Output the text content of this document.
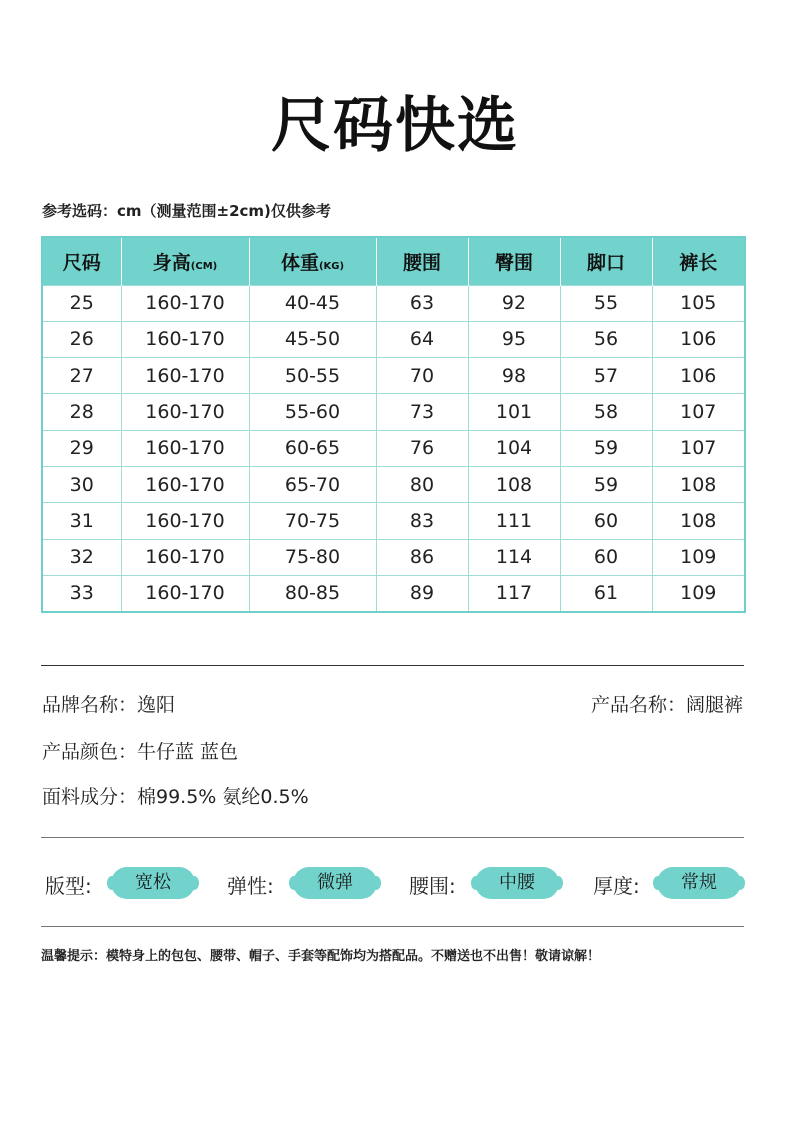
尺码快选
参考选码：cm（测量范围±2cm)仅供参考
尺码	身高(CM)	体重(KG)	腰围	臀围	脚口	裤长
25	160-170	40-45	63	92	55	105
26	160-170	45-50	64	95	56	106
27	160-170	50-55	70	98	57	106
28	160-170	55-60	73	101	58	107
29	160-170	60-65	76	104	59	107
30	160-170	65-70	80	108	59	108
31	160-170	70-75	83	111	60	108
32	160-170	75-80	86	114	60	109
33	160-170	80-85	89	117	61	109
品牌名称：逸阳	产品名称：阔腿裤
产品颜色：牛仔蓝 蓝色
面料成分：棉99.5% 氨纶0.5%
版型:	宽松	弹性:	微弹	腰围:	中腰	厚度:	常规
温馨提示：模特身上的包包、腰带、帽子、手套等配饰均为搭配品。不赠送也不出售！敬请谅解！
